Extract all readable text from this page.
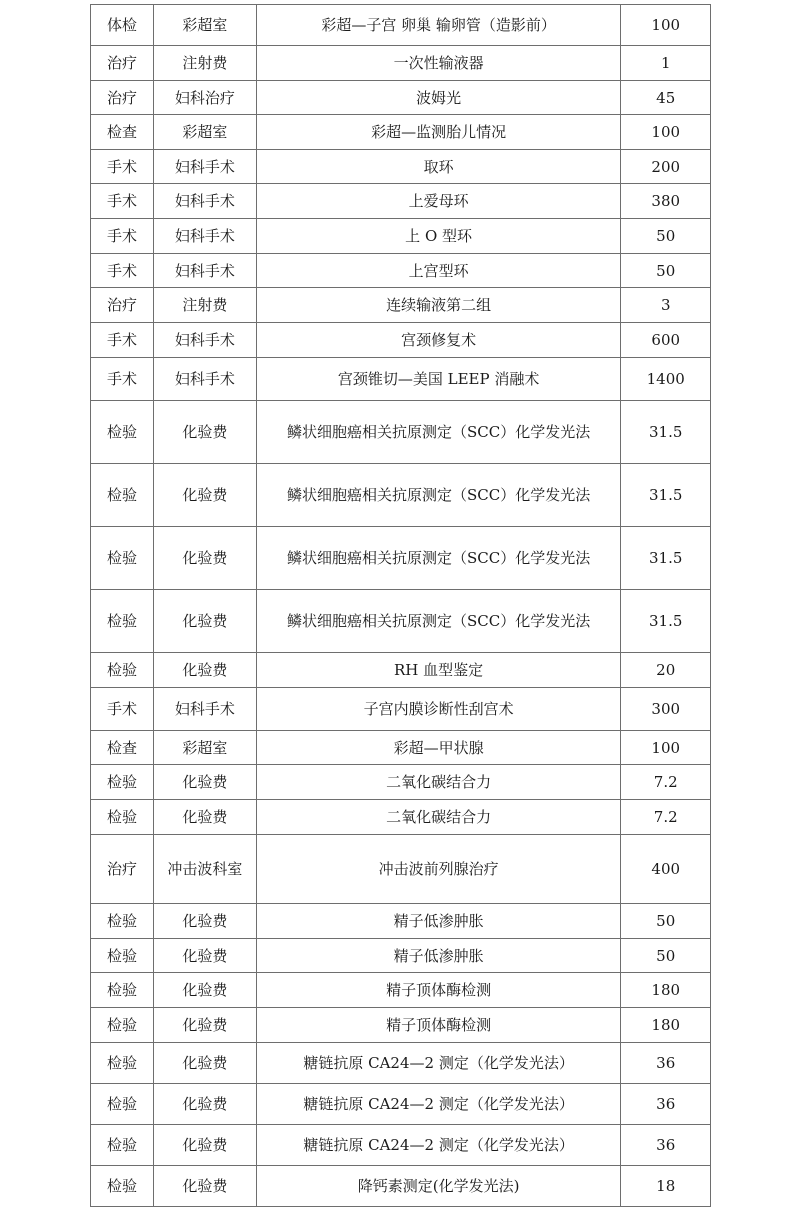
体检	彩超室	彩超—子宫 卵巢 输卵管（造影前）	100
治疗	注射费	一次性输液器	1
治疗	妇科治疗	波姆光	45
检查	彩超室	彩超—监测胎儿情况	100
手术	妇科手术	取环	200
手术	妇科手术	上爱母环	380
手术	妇科手术	上 O 型环	50
手术	妇科手术	上宫型环	50
治疗	注射费	连续输液第二组	3
手术	妇科手术	宫颈修复术	600
手术	妇科手术	宫颈锥切—美国 LEEP 消融术	1400
检验	化验费	鳞状细胞癌相关抗原测定（SCC）化学发光法	31.5
检验	化验费	鳞状细胞癌相关抗原测定（SCC）化学发光法	31.5
检验	化验费	鳞状细胞癌相关抗原测定（SCC）化学发光法	31.5
检验	化验费	鳞状细胞癌相关抗原测定（SCC）化学发光法	31.5
检验	化验费	RH 血型鉴定	20
手术	妇科手术	子宫内膜诊断性刮宫术	300
检查	彩超室	彩超—甲状腺	100
检验	化验费	二氧化碳结合力	7.2
检验	化验费	二氧化碳结合力	7.2
治疗	冲击波科室	冲击波前列腺治疗	400
检验	化验费	精子低渗肿胀	50
检验	化验费	精子低渗肿胀	50
检验	化验费	精子顶体酶检测	180
检验	化验费	精子顶体酶检测	180
检验	化验费	糖链抗原 CA24—2 测定（化学发光法）	36
检验	化验费	糖链抗原 CA24—2 测定（化学发光法）	36
检验	化验费	糖链抗原 CA24—2 测定（化学发光法）	36
检验	化验费	降钙素测定(化学发光法)	18
